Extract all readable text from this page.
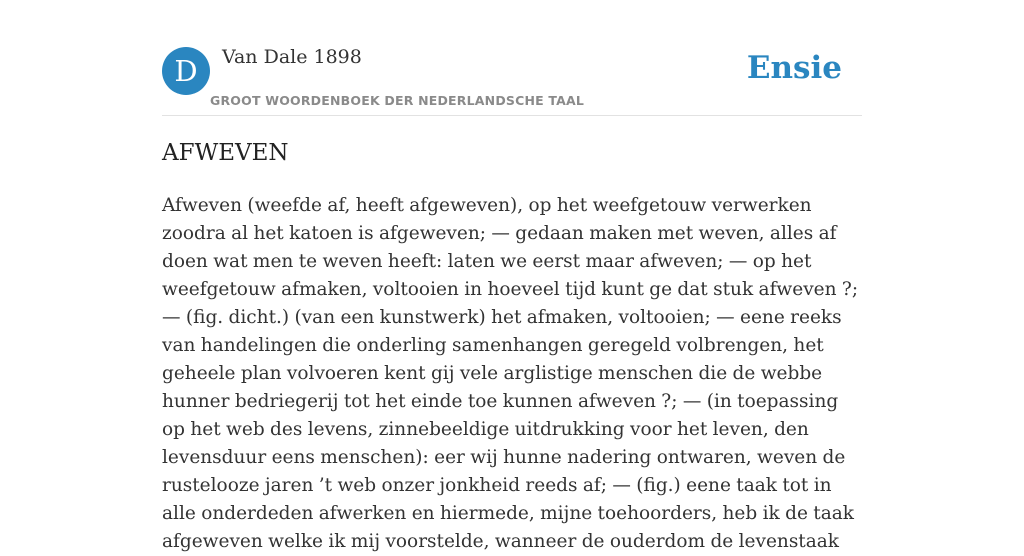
D	Van Dale 1898
GROOT WOORDENBOEK DER NEDERLANDSCHE TAAL
Ensie
AFWEVEN

Afweven (weefde af, heeft afgeweven), op het weefgetouw verwerken zoodra al het katoen is afgeweven; — gedaan maken met weven, alles af doen wat men te weven heeft: laten we eerst maar afweven; — op het weefgetouw afmaken, voltooien in hoeveel tijd kunt ge dat stuk afweven ?; — (fig. dicht.) (van een kunstwerk) het afmaken, voltooien; — eene reeks van handelingen die onderling samenhangen geregeld volbrengen, het geheele plan volvoeren kent gij vele arglistige menschen die de webbe hunner bedriegerij tot het einde toe kunnen afweven ?; — (in toepassing op het web des levens, zinnebeeldige uitdrukking voor het leven, den levensduur eens menschen): eer wij hunne nadering ontwaren, weven de rustelooze jaren ’t web onzer jonkheid reeds af; — (fig.) eene taak tot in alle onderdeden afwerken en hiermede, mijne toehoorders, heb ik de taak afgeweven welke ik mij voorstelde, wanneer de ouderdom de levenstaak
